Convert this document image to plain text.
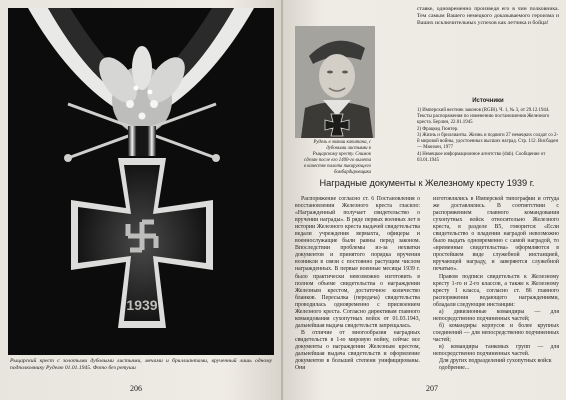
1939
Рыцарский крест с золотыми дубовыми листьями, мечами и бриллиантами, врученный лишь одному подполковнику Руделю 01.01.1945. Фото без ретуши
206
ставке, одновременно произведя его в чин полковника. Тем самым Вашего немецкого доказываемого героизма и Ваших исключительных успехов как летчика и бойца!
Рудель в звании капитана, с дубовыми листьями к Рыцарскому кресту. Снимок сделан после его 1400-го вылета в качестве пилота пикирующего бомбардировщика
Источники
1) Имперский вестник законов (RGBl). Ч. 1, № 3, от 29.12.1944. Тексты распоряжения по изменению постановления Железного креста. Берлин, 22.01.1945
2) Фрацкед Гюнтер.
3) Жизнь и бриллианты. Жизнь и подвиги 27 немецких солдат со 2-й мировой войны, удостоенных высших наград. Стр. 112. Висбаден — Мюнхен, 1977
4) Немецкое информационное агентство (dnb). Сообщение от 03.01.1945
Наградные документы к Железному кресту 1939 г.

Распоряжение согласно ст. 6 Постановления о восстановлении Железного креста гласило: «Награжденный получает свидетельство о вручении награды». В ряде первых военных лет в истории Железного креста выдачей свидетельства ведали учреждения вермахта, офицеры и военнослужащие были равны перед законом. Впоследствии проблемы из-за нехватки документов и принятого порядка вручения возникли в связи с постоянно растущим числом награжденных. В первые военные месяцы 1939 г. было практически невозможно изготовить в полном объеме свидетельства о награждении Железным крестом, достаточное количество бланков. Пересылка (передача) свидетельства проводилась одновременно с присвоением Железного креста. Согласно директивам главного командования сухопутных войск от 01.03.1943, дальнейшая выдача свидетельств запрещалась.

В отличие от многообразия наградных свидетельств в 1-ю мировую войну, сейчас все документы о награждении Железным крестом, дальнейшая выдача свидетельств и оформление документов в большей степени унифицированы. Они

изготовлялись в Имперской типографии и оттуда же доставлялись. В соответствии с распоряжением главного командования сухопутных войск относительно Железного креста, в разделе В5, говорится: «Если свидетельство о владении наградой невозможно было выдать одновременно с самой наградой, то «временные свидетельства» оформляются в простейшем виде служебной инстанцией, вручающей награду, и заверяются служебной печатью».

Правом подписи свидетельств к Железному кресту 1-го и 2-го классов, а также к Железному кресту I класса, согласно ст. 86 главного распоряжения ведающего награждениями, обладали следующие инстанции:

а) дивизионные командиры — для непосредственно подчиненных частей;

б) командиры корпусов и более крупных соединений — для непосредственно подчиненных частей;

в) командиры танковых групп — для непосредственно подчиненных частей.

Для других подразделений сухопутных войск

одобрение...

207
